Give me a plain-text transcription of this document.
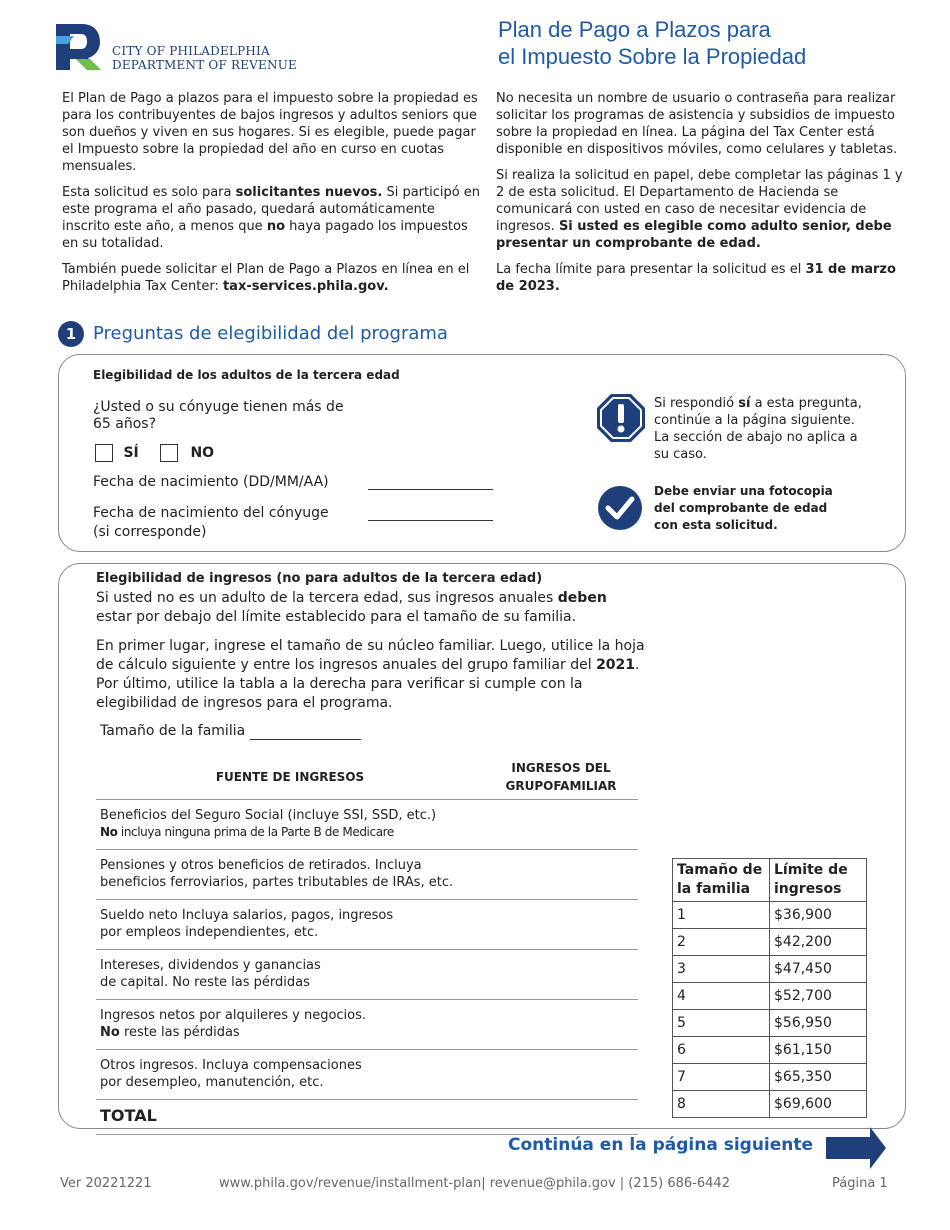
CITY OF PHILADELPHIA
DEPARTMENT OF REVENUE
Plan de Pago a Plazos para
el Impuesto Sobre la Propiedad

El Plan de Pago a plazos para el impuesto sobre la propiedad es para los contribuyentes de bajos ingresos y adultos seniors que son dueños y viven en sus hogares. Si es elegible, puede pagar el Impuesto sobre la propiedad del año en curso en cuotas mensuales.

Esta solicitud es solo para solicitantes nuevos. Si participó en este programa el año pasado, quedará automáticamente inscrito este año, a menos que no haya pagado los impuestos en su totalidad.

También puede solicitar el Plan de Pago a Plazos en línea en el Philadelphia Tax Center: tax-services.phila.gov.

No necesita un nombre de usuario o contraseña para realizar solicitar los programas de asistencia y subsidios de impuesto sobre la propiedad en línea. La página del Tax Center está disponible en dispositivos móviles, como celulares y tabletas.

Si realiza la solicitud en papel, debe completar las páginas 1 y 2 de esta solicitud. El Departamento de Hacienda se comunicará con usted en caso de necesitar evidencia de ingresos. Si usted es elegible como adulto senior, debe presentar un comprobante de edad.

La fecha límite para presentar la solicitud es el 31 de marzo de 2023.

1 Preguntas de elegibilidad del programa
Elegibilidad de los adultos de la tercera edad
¿Usted o su cónyuge tienen más de 65 años?
SÍ	NO
Fecha de nacimiento (DD/MM/AA)
Fecha de nacimiento del cónyuge
(si corresponde)
Si respondió sí a esta pregunta, continúe a la página siguiente. La sección de abajo no aplica a su caso.
Debe enviar una fotocopia del comprobante de edad con esta solicitud.
Elegibilidad de ingresos (no para adultos de la tercera edad)
Si usted no es un adulto de la tercera edad, sus ingresos anuales deben estar por debajo del límite establecido para el tamaño de su familia.
En primer lugar, ingrese el tamaño de su núcleo familiar. Luego, utilice la hoja de cálculo siguiente y entre los ingresos anuales del grupo familiar del 2021. Por último, utilice la tabla a la derecha para verificar si cumple con la elegibilidad de ingresos para el programa.
Tamaño de la familia
FUENTE DE INGRESOS	INGRESOS DEL
GRUPOFAMILIAR

Beneficios del Seguro Social (incluye SSI, SSD, etc.)
No incluya ninguna prima de la Parte B de Medicare	

Pensiones y otros beneficios de retirados. Incluya
beneficios ferroviarios, partes tributables de IRAs, etc.	

Sueldo neto Incluya salarios, pagos, ingresos
por empleos independientes, etc.	

Intereses, dividendos y ganancias
de capital. No reste las pérdidas	

Ingresos netos por alquileres y negocios.
No reste las pérdidas	

Otros ingresos. Incluya compensaciones
por desempleo, manutención, etc.	

TOTAL	
Tamaño de la familia	Límite de ingresos
1	$36,900
2	$42,200
3	$47,450
4	$52,700
5	$56,950
6	$61,150
7	$65,350
8	$69,600
Continúa en la página siguiente
Ver 20221221	www.phila.gov/revenue/installment-plan| revenue@phila.gov | (215) 686-6442	Página 1
